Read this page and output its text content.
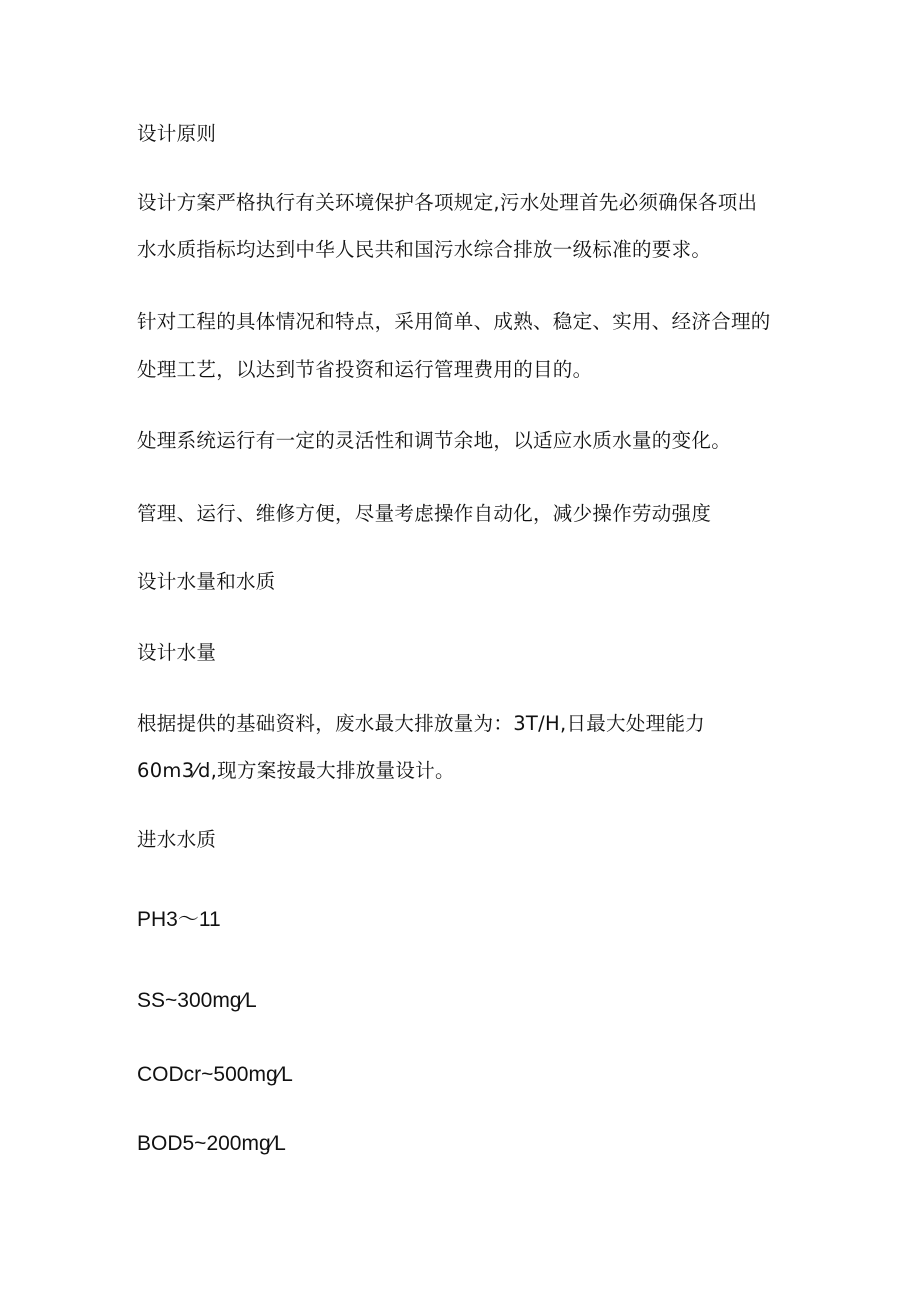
设计原则
设计方案严格执行有关环境保护各项规定,污水处理首先必须确保各项出
水水质指标均达到中华人民共和国污水综合排放一级标准的要求。
针对工程的具体情况和特点，采用简单、成熟、稳定、实用、经济合理的
处理工艺，以达到节省投资和运行管理费用的目的。
处理系统运行有一定的灵活性和调节余地，以适应水质水量的变化。
管理、运行、维修方便，尽量考虑操作自动化，减少操作劳动强度
设计水量和水质
设计水量
根据提供的基础资料，废水最大排放量为：3T/H,日最大处理能力
60m3⁄d,现方案按最大排放量设计。
进水水质
PH3～11
SS~300mg⁄L
CODcr~500mg⁄L
BOD5~200mg⁄L
